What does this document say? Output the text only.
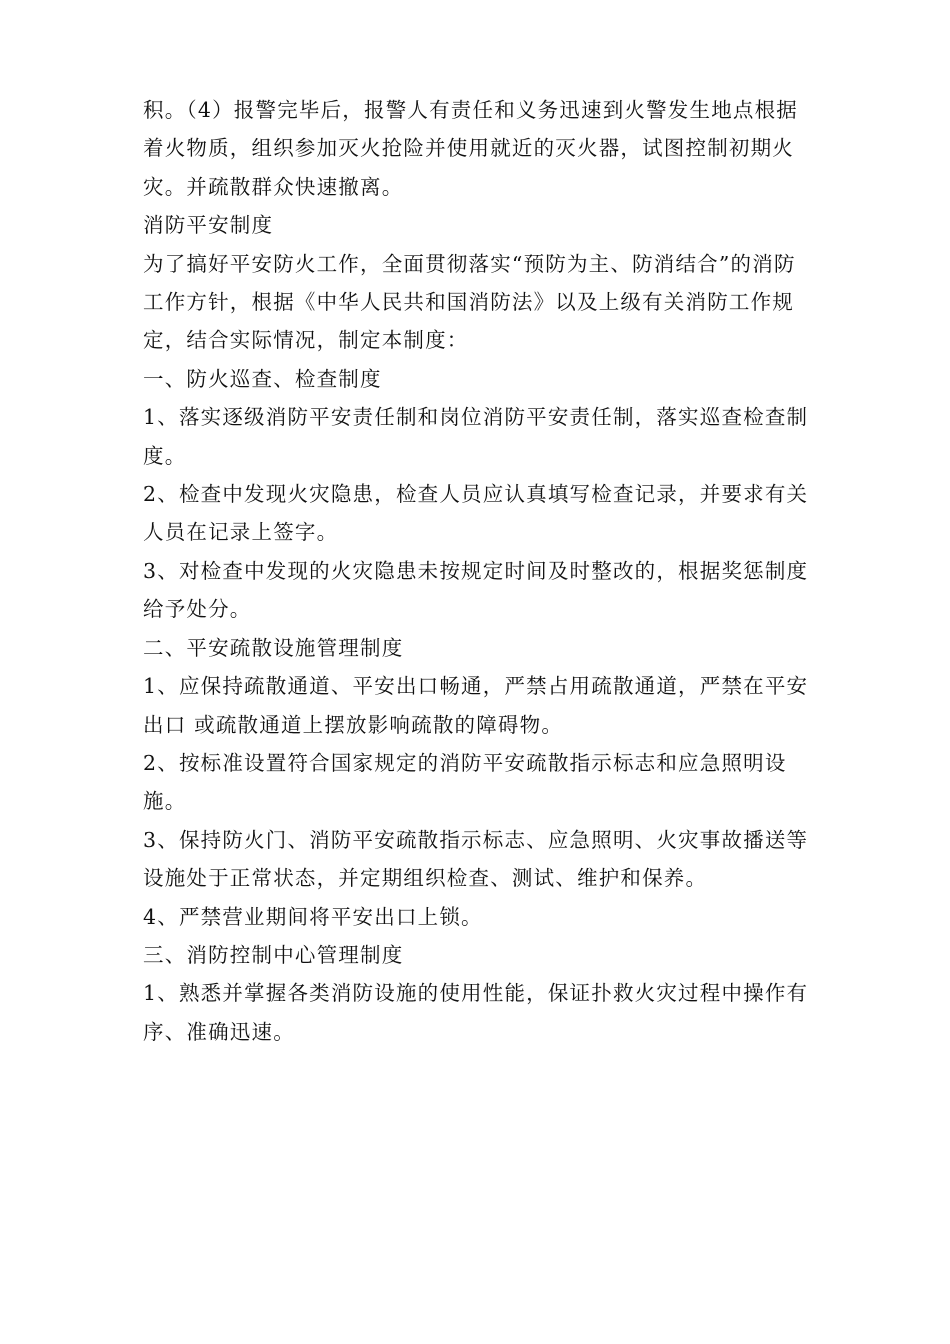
积。（4）报警完毕后，报警人有责任和义务迅速到火警发生地点根据着火物质，组织参加灭火抢险并使用就近的灭火器，试图控制初期火灾。并疏散群众快速撤离。

消防平安制度

为了搞好平安防火工作，全面贯彻落实“预防为主、防消结合”的消防工作方针，根据《中华人民共和国消防法》以及上级有关消防工作规定，结合实际情况，制定本制度：

一、防火巡查、检查制度

1、落实逐级消防平安责任制和岗位消防平安责任制，落实巡查检查制度。

2、检查中发现火灾隐患，检查人员应认真填写检查记录，并要求有关人员在记录上签字。

3、对检查中发现的火灾隐患未按规定时间及时整改的，根据奖惩制度给予处分。

二、平安疏散设施管理制度

1、应保持疏散通道、平安出口畅通，严禁占用疏散通道，严禁在平安出口 或疏散通道上摆放影响疏散的障碍物。

2、按标准设置符合国家规定的消防平安疏散指示标志和应急照明设施。

3、保持防火门、消防平安疏散指示标志、应急照明、火灾事故播送等设施处于正常状态，并定期组织检查、测试、维护和保养。

4、严禁营业期间将平安出口上锁。

三、消防控制中心管理制度

1、熟悉并掌握各类消防设施的使用性能，保证扑救火灾过程中操作有序、准确迅速。
